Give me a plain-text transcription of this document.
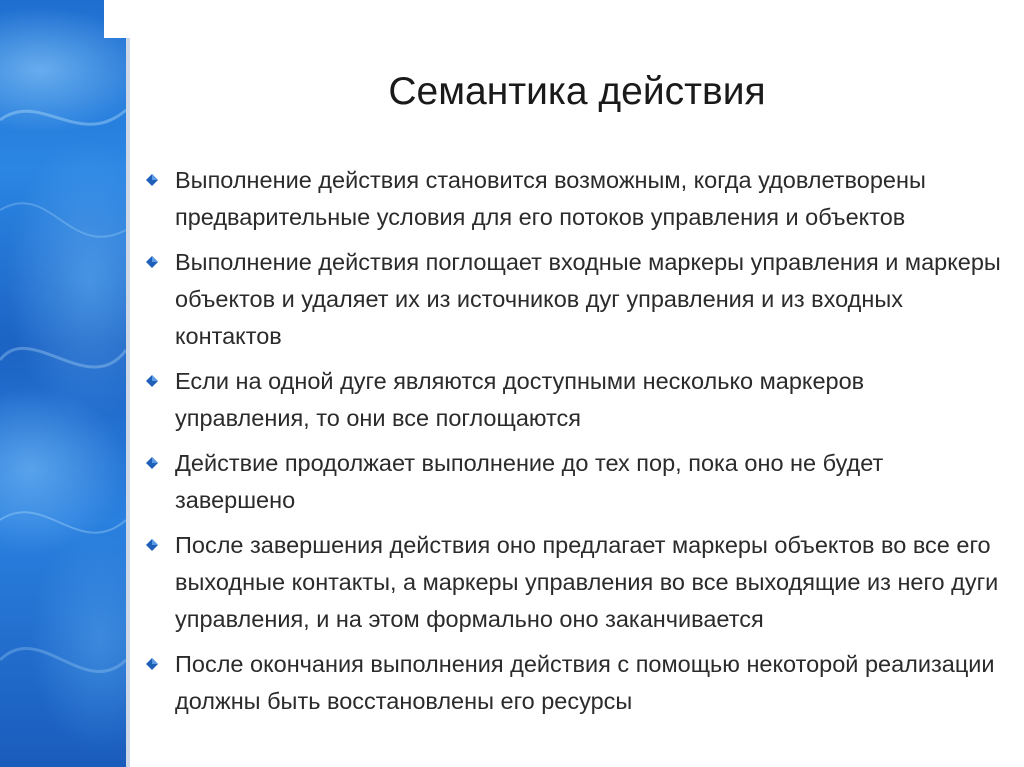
Семантика действия
Выполнение действия становится возможным, когда удовлетворены предварительные условия для его потоков управления и объектов
Выполнение действия поглощает входные маркеры управления и маркеры объектов и удаляет их из источников дуг управления и из входных контактов
Если на одной дуге являются доступными несколько маркеров управления, то они все поглощаются
Действие продолжает выполнение до тех пор, пока оно не будет завершено
После завершения действия оно предлагает маркеры объектов во все его выходные контакты, а маркеры управления во все выходящие из него дуги управления, и на этом формально оно заканчивается
После окончания выполнения действия с помощью некоторой реализации должны быть восстановлены его ресурсы
